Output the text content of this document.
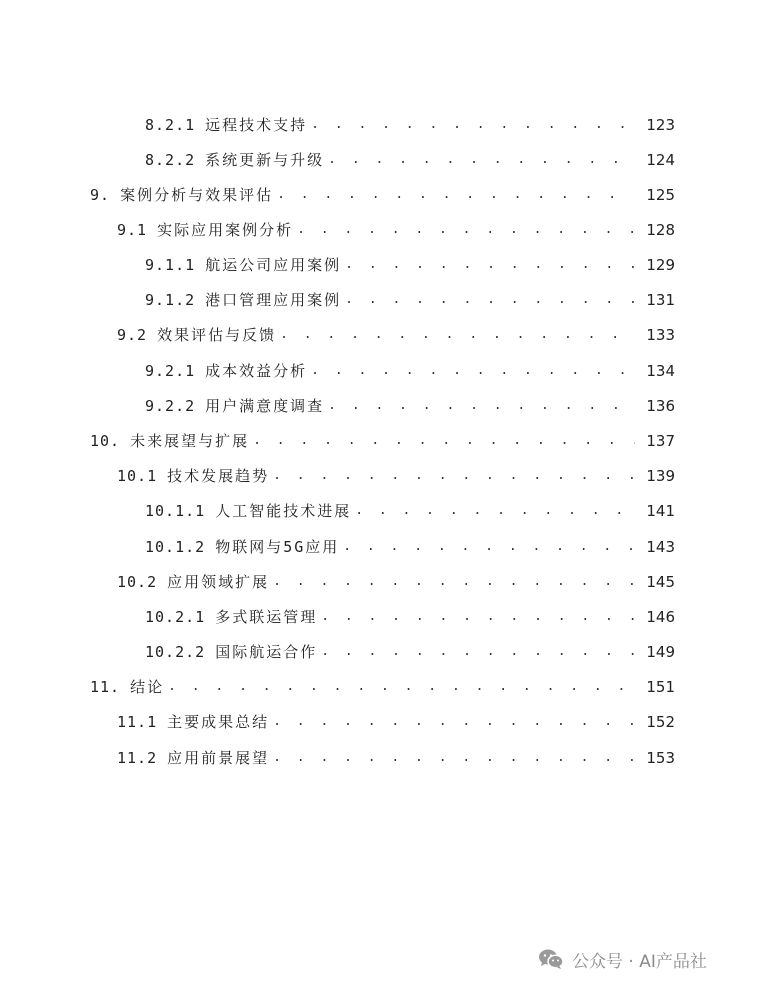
8.2.1 远程技术支持 . . .	123
8.2.2 系统更新与升级 . . .	124
9. 案例分析与效果评估 . . .	125
9.1 实际应用案例分析 . . .	128
9.1.1 航运公司应用案例 . . .	129
9.1.2 港口管理应用案例 . . .	131
9.2 效果评估与反馈 . . .	133
9.2.1 成本效益分析 . . .	134
9.2.2 用户满意度调查 . . .	136
10. 未来展望与扩展 . . .	137
10.1 技术发展趋势 . . .	139
10.1.1 人工智能技术进展 . . .	141
10.1.2 物联网与5G应用 . . .	143
10.2 应用领域扩展 . . .	145
10.2.1 多式联运管理 . . .	146
10.2.2 国际航运合作 . . .	149
11. 结论 . . .	151
11.1 主要成果总结 . . .	152
11.2 应用前景展望 . . .	153
公众号 · AI产品社
